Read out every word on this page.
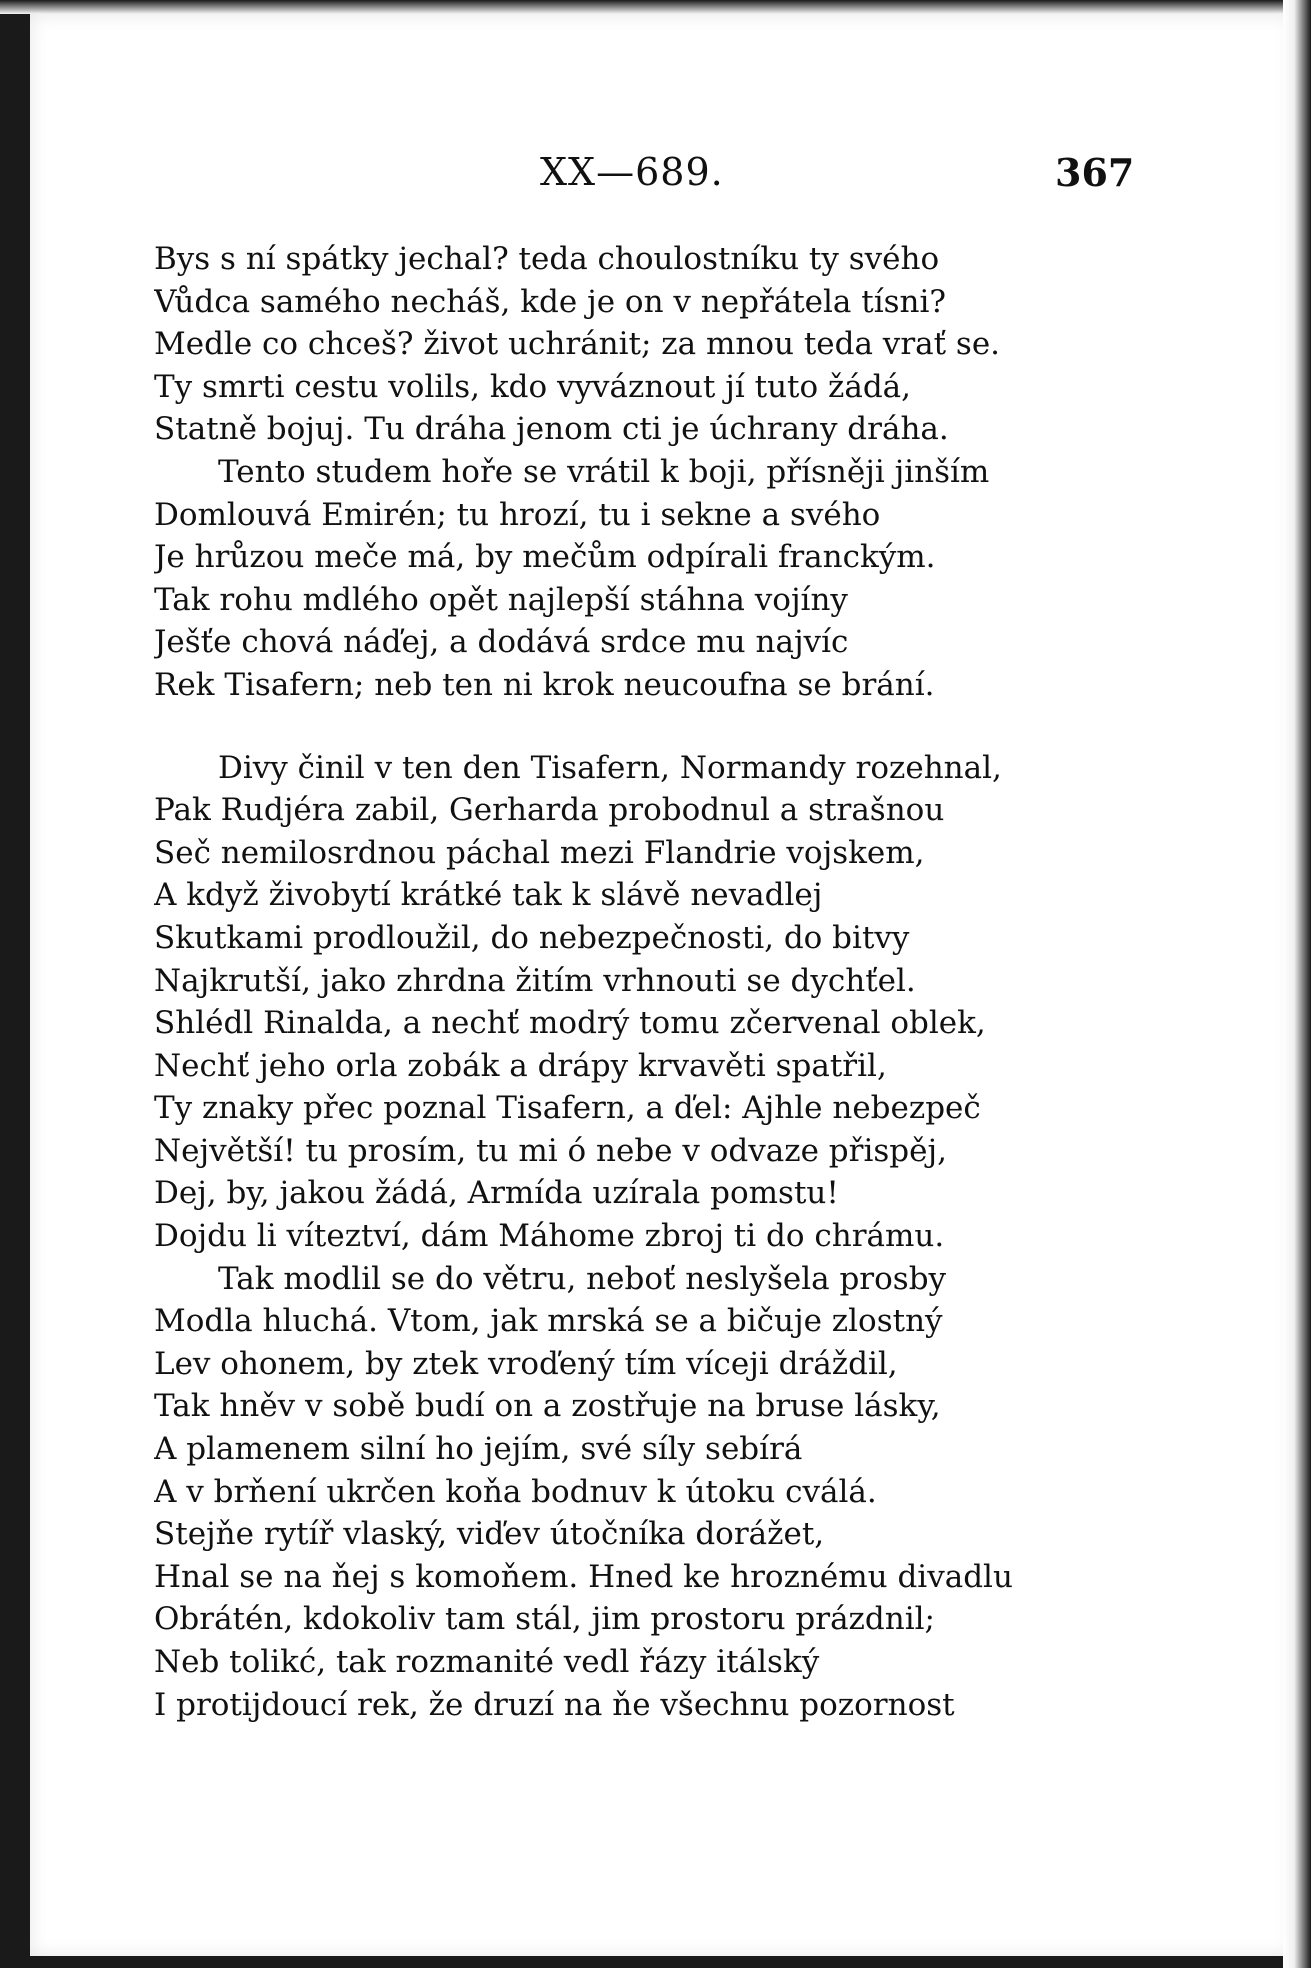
XX—689.	367
Bys s ní spátky jechal? teda choulostníku ty svého
Vůdca samého necháš, kde je on v nepřátela tísni?
Medle co chceš? život uchránit; za mnou teda vrať se.
Ty smrti cestu volils, kdo vyváznout jí tuto žádá,
Statně bojuj. Tu dráha jenom cti je úchrany dráha.
Tento studem hoře se vrátil k boji, přísněji jinším
Domlouvá Emirén; tu hrozí, tu i sekne a svého
Je hrůzou meče má, by mečům odpírali franckým.
Tak rohu mdlého opět najlepší stáhna vojíny
Ješťe chová náďej, a dodává srdce mu najvíc
Rek Tisafern; neb ten ni krok neucoufna se brání.
Divy činil v ten den Tisafern, Normandy rozehnal,
Pak Rudjéra zabil, Gerharda probodnul a strašnou
Seč nemilosrdnou páchal mezi Flandrie vojskem,
A když živobytí krátké tak k slávě nevadlej
Skutkami prodloužil, do nebezpečnosti, do bitvy
Najkrutší, jako zhrdna žitím vrhnouti se dychťel.
Shlédl Rinalda, a nechť modrý tomu zčervenal oblek,
Nechť jeho orla zobák a drápy krvavěti spatřil,
Ty znaky přec poznal Tisafern, a ďel: Ajhle nebezpeč
Největší! tu prosím, tu mi ó nebe v odvaze přispěj,
Dej, by, jakou žádá, Armída uzírala pomstu!
Dojdu li víteztví, dám Máhome zbroj ti do chrámu.
Tak modlil se do větru, neboť neslyšela prosby
Modla hluchá. Vtom, jak mrská se a bičuje zlostný
Lev ohonem, by ztek vroďený tím víceji dráždil,
Tak hněv v sobě budí on a zostřuje na bruse lásky,
A plamenem silní ho jejím, své síly sebírá
A v brňení ukrčen koňa bodnuv k útoku cválá.
Stejňe rytíř vlaský, viďev útočníka dorážet,
Hnal se na ňej s komoňem. Hned ke hroznému divadlu
Obrátén, kdokoliv tam stál, jim prostoru prázdnil;
Neb tolikć, tak rozmanité vedl řázy itálský
I protijdoucí rek, že druzí na ňe všechnu pozornost
